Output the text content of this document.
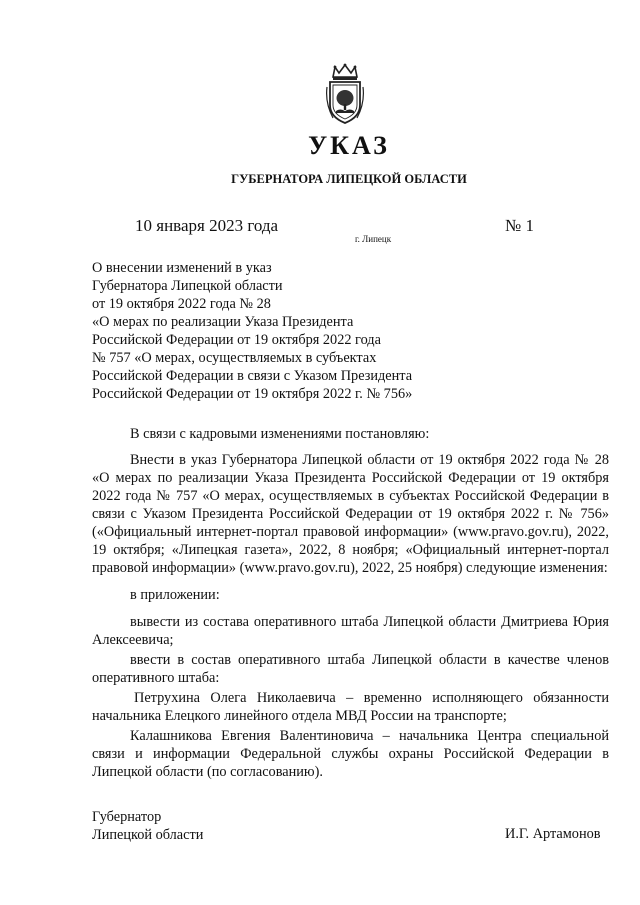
УКАЗ
ГУБЕРНАТОРА ЛИПЕЦКОЙ ОБЛАСТИ
10 января 2023 года
г. Липецк
№ 1
О внесении изменений в указ
Губернатора Липецкой области
от 19 октября 2022 года № 28
«О мерах по реализации Указа Президента
Российской Федерации от 19 октября 2022 года
№ 757 «О мерах, осуществляемых в субъектах
Российской Федерации в связи с Указом Президента
Российской Федерации от 19 октября 2022 г. № 756»

В связи с кадровыми изменениями постановляю:

Внести в указ Губернатора Липецкой области от 19 октября 2022 года № 28 «О мерах по реализации Указа Президента Российской Федерации от 19 октября 2022 года № 757 «О мерах, осуществляемых в субъектах Российской Федерации в связи с Указом Президента Российской Федерации от 19 октября 2022 г. № 756» («Официальный интернет-портал правовой информации» (www.pravo.gov.ru), 2022, 19 октября; «Липецкая газета», 2022, 8 ноября; «Официальный интернет-портал правовой информации» (www.pravo.gov.ru), 2022, 25 ноября) следующие изменения:

в приложении:

вывести из состава оперативного штаба Липецкой области Дмитриева Юрия Алексеевича;

ввести в состав оперативного штаба Липецкой области в качестве членов оперативного штаба:

Петрухина Олега Николаевича – временно исполняющего обязанности начальника Елецкого линейного отдела МВД России на транспорте;

Калашникова Евгения Валентиновича – начальника Центра специальной связи и информации Федеральной службы охраны Российской Федерации в Липецкой области (по согласованию).

Губернатор
Липецкой области	И.Г. Артамонов
